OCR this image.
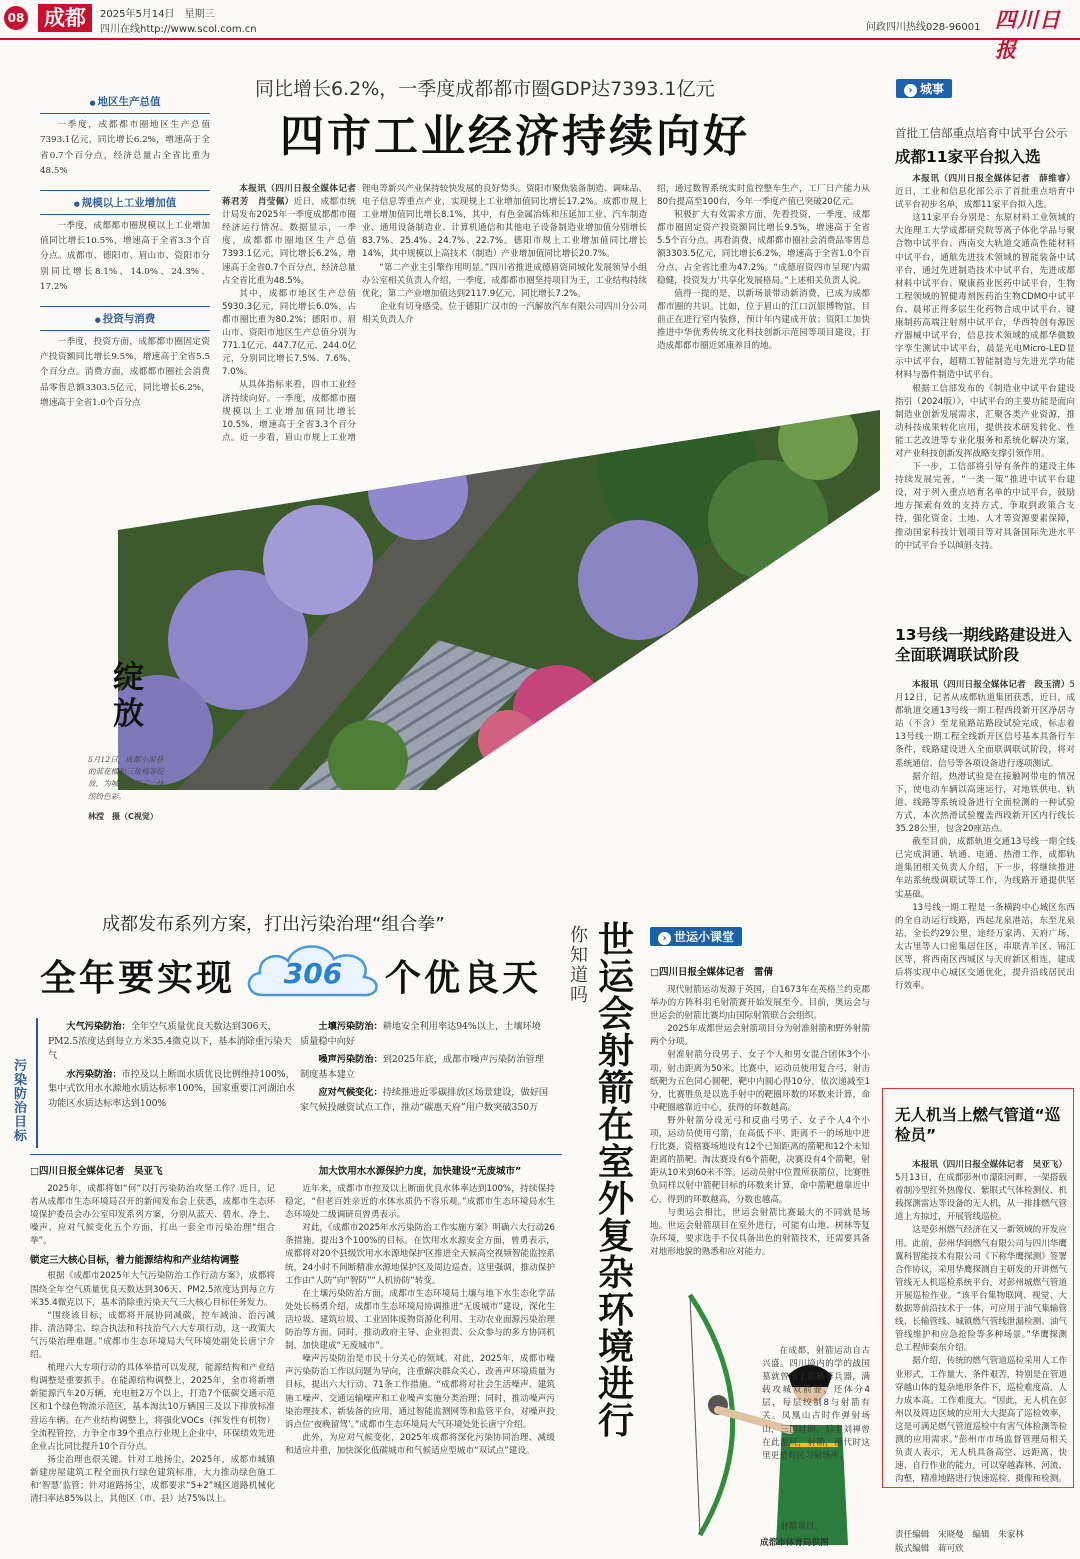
08 成都	2025年5月14日　星期三
四川在线http://www.scol.com.cn	问政四川热线028-96001 四川日报
● 地区生产总值
一季度，成都都市圈地区生产总值7393.1亿元，同比增长6.2%，增速高于全省0.7个百分点，经济总量占全省比重为48.5%
● 规模以上工业增加值
一季度，成都都市圈规模以上工业增加值同比增长10.5%，增速高于全省3.3个百分点。成都市、德阳市、眉山市、资阳市分别同比增长8.1%、14.0%、24.3%、17.2%
● 投资与消费
一季度，投资方面，成都都市圈固定资产投资额同比增长9.5%，增速高于全省5.5个百分点。消费方面，成都都市圈社会消费品零售总额3303.5亿元，同比增长6.2%，增速高于全省1.0个百分点
同比增长6.2%，一季度成都都市圈GDP达7393.1亿元
四市工业经济持续向好

本报讯（四川日报全媒体记者　蒋君芳　肖莹佩）近日，成都市统计局发布2025年一季度成都都市圈经济运行情况。数据显示，一季度，成都都市圈地区生产总值7393.1亿元，同比增长6.2%，增速高于全省0.7个百分点，经济总量占全省比重为48.5%。

其中，成都市地区生产总值5930.3亿元，同比增长6.0%，占都市圈比重为80.2%；德阳市、眉山市、资阳市地区生产总值分别为771.1亿元、447.7亿元、244.0亿元，分别同比增长7.5%、7.6%、7.0%。

从具体指标来看，四市工业经济持续向好。一季度，成都都市圈规模以上工业增加值同比增长10.5%，增速高于全省3.3个百分点。近一步看，眉山市规上工业增

锂电等新兴产业保持较快发展的良好势头。资阳市聚焦装备制造、调味品、电子信息等重点产业，实现规上工业增加值同比增长17.2%。成都市规上工业增加值同比增长8.1%，其中，有色金属冶炼和压延加工业、汽车制造业、通用设备制造业、计算机通信和其他电子设备制造业增加值分别增长83.7%、25.4%、24.7%、22.7%。德阳市规上工业增加值同比增长14%，其中规模以上高技术（制造）产业增加值同比增长20.7%。

“第二产业主引擎作用明显。”四川省推进成德眉资同城化发展领导小组办公室相关负责人介绍，一季度，成都都市圈坚持项目为王，工业结构持续优化，第二产业增加值达到2117.9亿元，同比增长7.2%。

企业有切身感受。位于德阳广汉市的一汽解放汽车有限公司四川分公司相关负责人介

绍，通过数智系统实时监控整车生产，工厂日产能力从80台提高至100台，今年一季度产值已突破20亿元。

积极扩大有效需求方面，先看投资，一季度，成都都市圈固定资产投资额同比增长9.5%，增速高于全省5.5个百分点。再看消费，成都都市圈社会消费品零售总额3303.5亿元，同比增长6.2%，增速高于全省1.0个百分点，占全省比重为47.2%。“成德眉资四市呈现‘内需稳健，投资发力’共享化发展格局。”上述相关负责人说。

值得一提的是，以新场景带动新消费，已成为成都都市圈的共识。比如，位于眉山的江口沉银博物馆，目前正在进行室内装修，预计年内建成开放；资阳工加快推进中华优秀传统文化科技创新示范园等项目建设，打造成都都市圈近郊康养目的地。

绽放
5月12日，成都小湿巷的蓝花楹和三角梅等绽放，为城市增添了一抹缤纷色彩。
林滢　摄（C视觉）
› 城事
首批工信部重点培育中试平台公示
成都11家平台拟入选

本报讯（四川日报全媒体记者　薛维睿）近日，工业和信息化部公示了首批重点培育中试平台初步名单，成都11家平台拟入选。

这11家平台分别是：东原材料工业领域的大连理工大学成都研究院等离子体化学品与聚合物中试平台、西南交大轨道交通高性能材料中试平台，通航先进技术领域的智能装备中试平台，通过先进制造技术中试平台，先进成都材料中试平台、聚康药业医药中试平台，生物工程领域的智健毒剂医药治生物CDMO中试平台、晨邦正得多层生化药物合成中试平台、键康制药高端注射剂中试平台，华西特创有源医疗器械中试平台，信息技术领域的成都华微数字孪生测试中试平台，晨显光电Micro-LED显示中试平台，超精工智能制造与先进光学功能材料与器件制造中试平台。

根据工信部发布的《制造业中试平台建设指引（2024版）》，中试平台的主要功能是面向制造业创新发展需求，汇聚各类产业资源，推动科技成果转化应用，提供技术研发转化、性能工艺改进等专业化服务和系统化解决方案，对产业科技创新发挥战略支撑引领作用。

下一步，工信部将引导有条件的建设主体持续发展完善，“一类一策”推进中试平台建设，对于列入重点培育名单的中试平台，鼓励地方探索有效的支持方式，争取到政策合支持，强化资金、土地、人才等资源要素保障，推动国家科技计划项目等对具备国际先进水平的中试平台予以倾斜支持。

13号线一期线路建设进入全面联调联试阶段

本报讯（四川日报全媒体记者　段玉清）5月12日，记者从成都轨道集团获悉，近日，成都轨道交通13号线一期工程西段新开区净居寺站（不含）至龙泉路站路段试验完成，标志着13号线一期工程全线新开区信号基本具备行车条件，线路建设进入全面联调联试阶段，将对系统通信、信号等各项设备进行逐项测试。

据介绍，热滑试验是在接触网带电的情况下，使电动车辆以高速运行，对地铁供电、轨道、线路等系统设备进行全面检测的一种试验方式，本次热滑试验覆盖西段新开区内行线长35.28公里，包含20座站点。

截至目前，成都轨道交通13号线一期全线已完成洞通、轨通、电通、热滑工作，成都轨道集团相关负责人介绍，下一步，将继续推进车站系统级调联试等工作，为线路开通提供坚实基础。

13号线一期工程是一条横跨中心城区东西的全自动运行线路，西起龙泉港站，东至龙泉站，全长约29公里，途经万家湾、天府广场、太古里等人口密集居住区，串联青羊区、锦江区等，将西南区西城区与天府新区相连，建成后将实现中心城区交通优化，提升沿线居民出行效率。

无人机当上燃气管道“巡检员”

本报讯（四川日报全媒体记者　吴亚飞）5月13日，在成都彭州市濛阳河畔，一架搭载着制冷型红外热像仪、紫眼式气体检测仪、机载探测雷达等设备的无人机，从一排排燃气管道上方掠过，开展管线巡检。

这是彭州燃气经济在又一新领域的开发应用。此前，彭州华润燃气有限公司与四川华鹰翼科智能技术有限公司《下称华鹰探测》签署合作协议，采用华鹰探测自主研发的开讲燃气管线无人机巡检系统平台，对彭州城燃气管道开展巡检作业。“该平台集物联网、视觉、大数据等前沿技术于一体，可应用于油气集输管线、长输管线、城镇燃气管线泄漏检测、油气管线维护和应急抢险等多种场景。”华鹰探测总工程师秦东介绍。

据介绍，传统的燃气管道巡检采用人工作业形式，工作量大、条件艰苦，特别是在管道穿越山体的复杂地形条件下，巡检难度高，人力成本高。工作难度大。“因此，无人机在彭州以及周边区域的应用大大提高了巡检效率，这是可满足燃气管道巡检中有害气体检测等检测的应用需求。”彭州市市场监督管理局相关负责人表示，无人机具备高空、远距离、快速、自行作业的能力，可以穿越森林、河流、沟壑，精准地路进行快速巡检、摄像和检测。

责任编辑　宋晓曼　编辑　朱家林
版式编辑　蒋可欣
成都发布系列方案，打出污染治理“组合拳”
全年要实现	个优良天
306
污染防治目标
大气污染防治：全年空气质量优良天数达到306天，PM2.5浓度达到每立方米35.4微克以下，基本消除重污染天气
水污染防治：市控及以上断面水质优良比例维持100%，集中式饮用水水源地水质达标率100%，国家重要江河湖泊水功能区水质达标率达到100%
土壤污染防治：耕地安全利用率达94%以上，土壤环境质量稳中向好
噪声污染防治：到2025年底，成都市噪声污染防治管理制度基本建立
应对气候变化：持续推进近零碳排放区场景建设，做好国家气候投融资试点工作，推动“碳惠天府”用户数突破350万
□四川日报全媒体记者　吴亚飞

2025年，成都将如“何”以打污染防治攻坚工作？近日，记者从成都市生态环境局召开的新闻发布会上获悉，成都市生态环境保护委员会办公室印发系列方案，分别从蓝天、碧水、净土、噪声、应对气候变化五个方面，打出一套全市污染治理“组合拳”。

锁定三大核心目标，着力能源结构和产业结构调整

根据《成都市2025年大气污染防治工作行动方案》，成都将围绕全年空气质量优良天数达到306天、PM2.5浓度达到每立方米35.4微克以下，基本消除重污染天气三大核心目标任务发力。

“围绕该目标，成都将开展协同减碳，控车减油、治污减排、清洁降尘、综合执法和科技治气六大专项行动，这一政策大气污染治理难题。”成都市生态环境局大气环境处副处长唐宁介绍。

梳理六大专项行动的具体举措可以发现，能源结构和产业结构调整是重要抓手。在能源结构调整上，2025年，全市将新增新能源汽车20万辆，充电桩2万个以上，打造7个低碳交通示范区和1个绿色物流示范区，基本淘汰10万辆国三及以下排放标准营运车辆。在产业结构调整上，将强化VOCs（挥发性有机物）全流程管控，力争全市39个重点行业规上企业中，环保绩效先进企业占比同比提升10个百分点。

扬尘治理也很关键。针对工地扬尘，2025年，成都市城镇新建房屋建筑工程全面执行绿色建筑标准，大力推动绿色施工和‘智慧’监管；针对道路扬尘，成都要求“5+2”城区道路机械化清扫率达85%以上，其他区（市、县）达75%以上。

加大饮用水水源保护力度，加快建设“无废城市”

近年来，成都市市控及以上断面优良水体率达到100%，持续保持稳定，“但老百姓亲近的水体水质仍不容乐观。”成都市生态环境局水生态环境处二级调研员曾勇表示。

对此，《成都市2025年水污染防治工作实施方案》明确六大行动26条措施，提出3个100%的目标。在饮用水水源安全方面，曾勇表示，成都将对20个县级饮用水水源地保护区推进全天候高空视频智能监控系统，24小时不间断精准水源地保护区及周边巡查。这里强调，推动保护工作由“人防”向“智防”“人机协防”转变。

在土壤污染防治方面，成都市生态环境局土壤与地下水生态化学品处处长杨勇介绍，成都市生态环境局协调推进“无废城市”建设，深化生活垃圾、建筑垃圾、工业固体废物资源化利用、主动农业面源污染治理防治等方面。同时，推动政府主导、企业担责、公众参与的多方协同机制，加快建成“无废城市”。

噪声污染防治是市民十分关心的领域。对此，2025年，成都市噪声污染防治工作以问题为导向，注重解决群众关心、改善声环境质量为目标，提出六大行动、71条工作措施。“成都将对社会生活噪声、建筑施工噪声、交通运输噪声和工业噪声实施分类治理；同时，推动噪声污染治理技术、新装备的应用，通过智能监测网等和监管平台，对噪声投诉点位‘夜晚留驾’。”成都市生态环境局大气环境处处长唐宁介绍。

此外，为应对气候变化，2025年成都将深化污染协同治理、减缓和适应并重，加快深化低碳城市和气候适应型城市“双试点”建设。

你知道吗
世运会射箭在室外复杂环境进行
› 世运小课堂
□四川日报全媒体记者　雷倩

现代射箭运动发源于英国，自1673年在英格兰约克郡举办的方阵科羽毛射箭赛开始发展至今。目前，奥运会与世运会的射箭比赛均由国际射箭联合会组织。

2025年成都世运会射箭项目分为射准射箭和野外射箭两个分项。

射准射箭分设男子、女子个人和男女混合团体3个小项，射击距离为50米。比赛中，运动员使用复合弓，射击纸靶为五色同心圆靶，靶中内圆心得10分，依次递减至1分，比赛胜负是以选手射中的靶圈环数的环数来计算，命中靶圈越靠近中心，获得的环数越高。

野外射箭分设光弓和反曲弓男子、女子个人4个小项，运动员使用弓箭，在高低不平、距离不一的场地中进行比赛，资格赛场地设有12个已知距离的箭靶和12个未知距离的箭靶。淘汰赛设有6个箭靶，决赛设有4个箭靶，射距从10米到60米不等。运动员射中位置所获箭位，比赛胜负同样以射中箭靶目标的环数来计算，命中箭靶越靠近中心，得到的环数越高，分数也越高。

与奥运会相比，世运会射箭比赛最大的不同就是场地。世运会射箭项目在室外进行，可能有山地、树林等复杂环境，要求选手不仅具备出色的射箭技术，还需要具备对地形地貌的熟悉和应对能力。

在成都，射箭运动自古兴盛。四川境内的学的战国墓就曾出土箭鏃等兵器，满载攻城双箭壶，还体分4层，每层绞制8与射箭有关。凤凰山古时作弹射场山，三国时期，后主刘禅曾在此游玩，射箭，唐代时这里更是有民习射场所。

射箭项目。
成都市体育局供图
